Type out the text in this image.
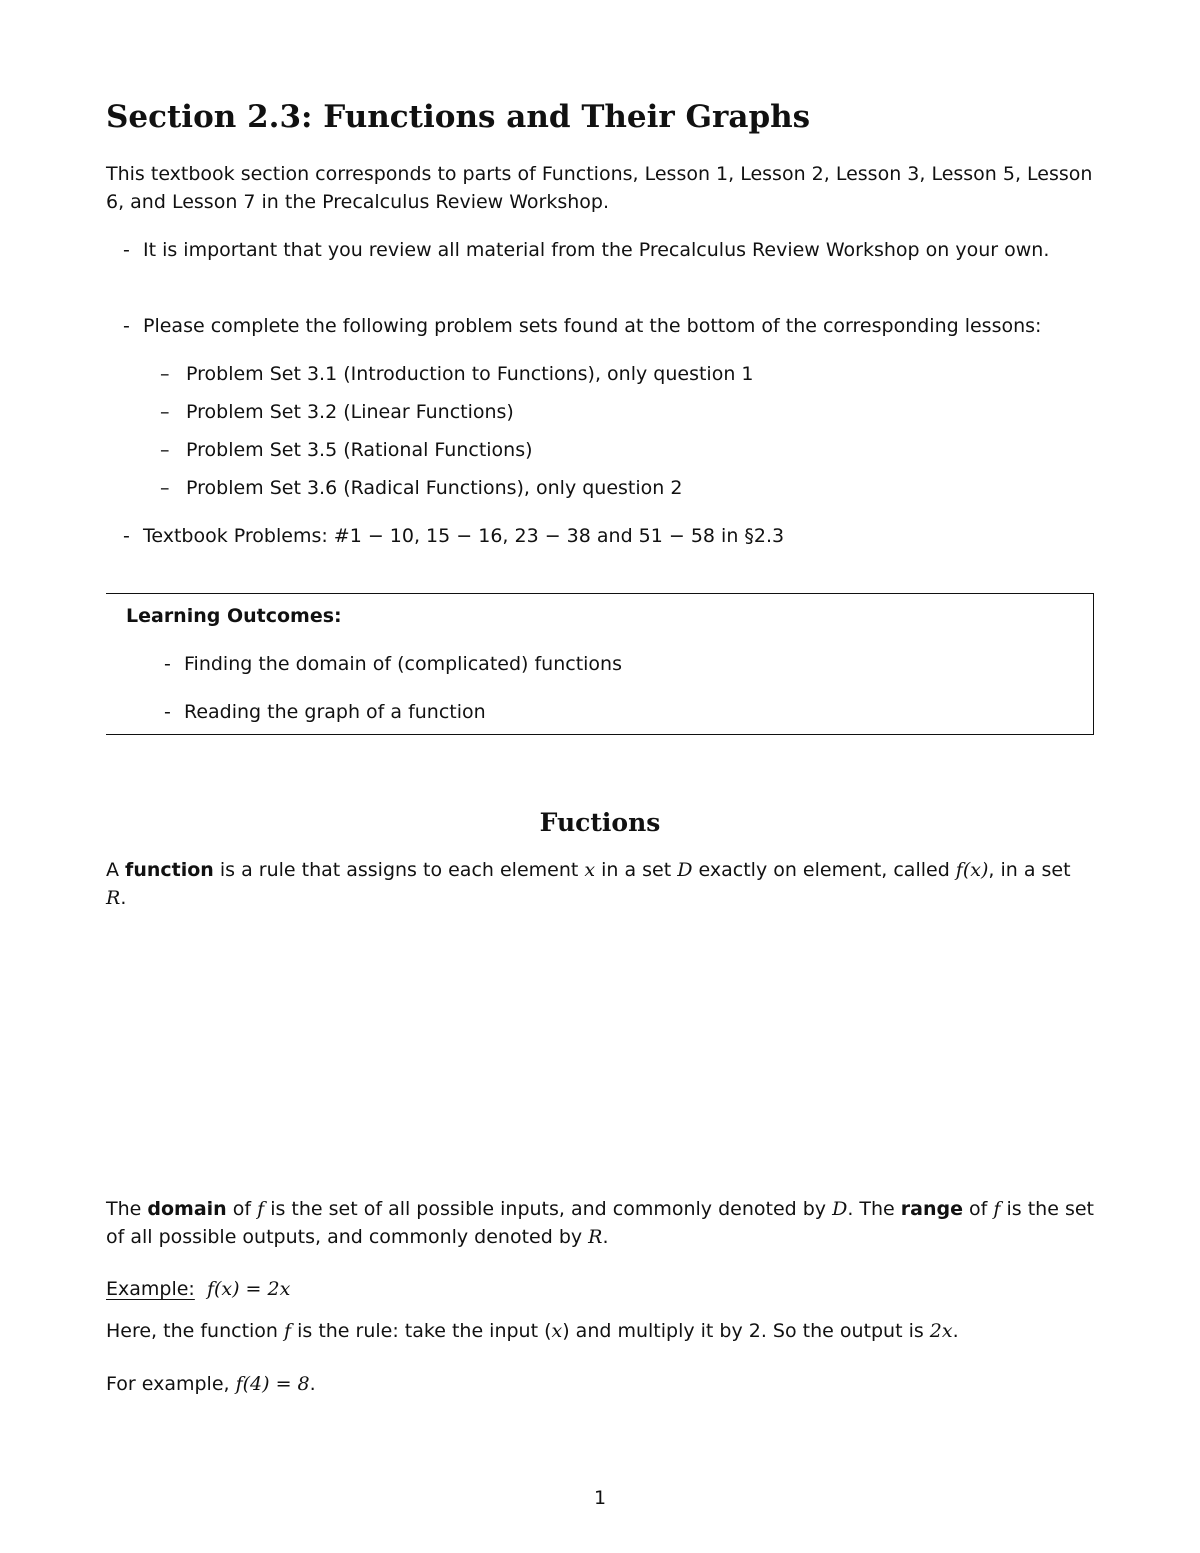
Section 2.3: Functions and Their Graphs

This textbook section corresponds to parts of Functions, Lesson 1, Lesson 2, Lesson 3, Lesson 5, Lesson 6, and Lesson 7 in the Precalculus Review Workshop.

- It is important that you review all material from the Precalculus Review Workshop on your own.
- Please complete the following problem sets found at the bottom of the corresponding lessons:
– Problem Set 3.1 (Introduction to Functions), only question 1
– Problem Set 3.2 (Linear Functions)
– Problem Set 3.5 (Rational Functions)
– Problem Set 3.6 (Radical Functions), only question 2
- Textbook Problems: #1 − 10, 15 − 16, 23 − 38 and 51 − 58 in §2.3
Learning Outcomes:
- Finding the domain of (complicated) functions
- Reading the graph of a function
Fuctions

A function is a rule that assigns to each element x in a set D exactly on element, called f(x), in a set R.

The domain of f is the set of all possible inputs, and commonly denoted by D. The range of f is the set of all possible outputs, and commonly denoted by R.

Example: f(x) = 2x

Here, the function f is the rule: take the input (x) and multiply it by 2. So the output is 2x.

For example, f(4) = 8.

1
